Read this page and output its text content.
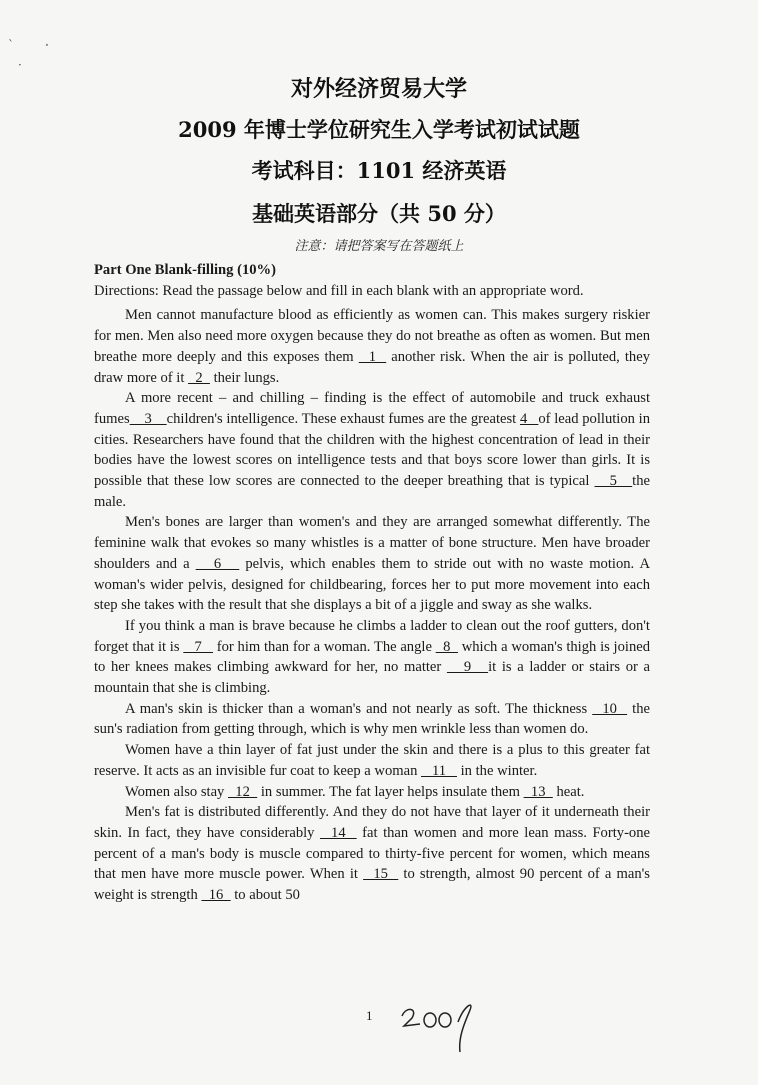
ˋ	⸼
·
对外经济贸易大学
2009 年博士学位研究生入学考试初试试题
考试科目：1101 经济英语
基础英语部分（共 50 分）
注意：请把答案写在答题纸上

Part One Blank-filling (10%)

Directions: Read the passage below and fill in each blank with an appropriate word.

Men cannot manufacture blood as efficiently as women can. This makes surgery riskier for men. Men also need more oxygen because they do not breathe as often as women. But men breathe more deeply and this exposes them   1   another risk. When the air is polluted, they draw more of it   2   their lungs.

A more recent – and chilling – finding is the effect of automobile and truck exhaust fumes    3    children's intelligence. These exhaust fumes are the greatest 4   of lead pollution in cities. Researchers have found that the children with the highest concentration of lead in their bodies have the lowest scores on intelligence tests and that boys score lower than girls. It is possible that these low scores are connected to the deeper breathing that is typical    5   the male.

Men's bones are larger than women's and they are arranged somewhat differently. The feminine walk that evokes so many whistles is a matter of bone structure. Men have broader shoulders and a    6    pelvis, which enables them to stride out with no waste motion. A woman's wider pelvis, designed for childbearing, forces her to put more movement into each step she takes with the result that she displays a bit of a jiggle and sway as she walks.

If you think a man is brave because he climbs a ladder to clean out the roof gutters, don't forget that it is    7    for him than for a woman. The angle   8   which a woman's thigh is joined to her knees makes climbing awkward for her, no matter    9   it is a ladder or stairs or a mountain that she is climbing.

A man's skin is thicker than a woman's and not nearly as soft. The thickness   10   the sun's radiation from getting through, which is why men wrinkle less than women do.

Women have a thin layer of fat just under the skin and there is a plus to this greater fat reserve. It acts as an invisible fur coat to keep a woman    11    in the winter.

Women also stay   12   in summer. The fat layer helps insulate them   13   heat.

Men's fat is distributed differently. And they do not have that layer of it underneath their skin. In fact, they have considerably   14   fat than women and more lean mass. Forty-one percent of a man's body is muscle compared to thirty-five percent for women, which means that men have more muscle power. When it   15   to strength, almost 90 percent of a man's weight is strength   16   to about 50

1
